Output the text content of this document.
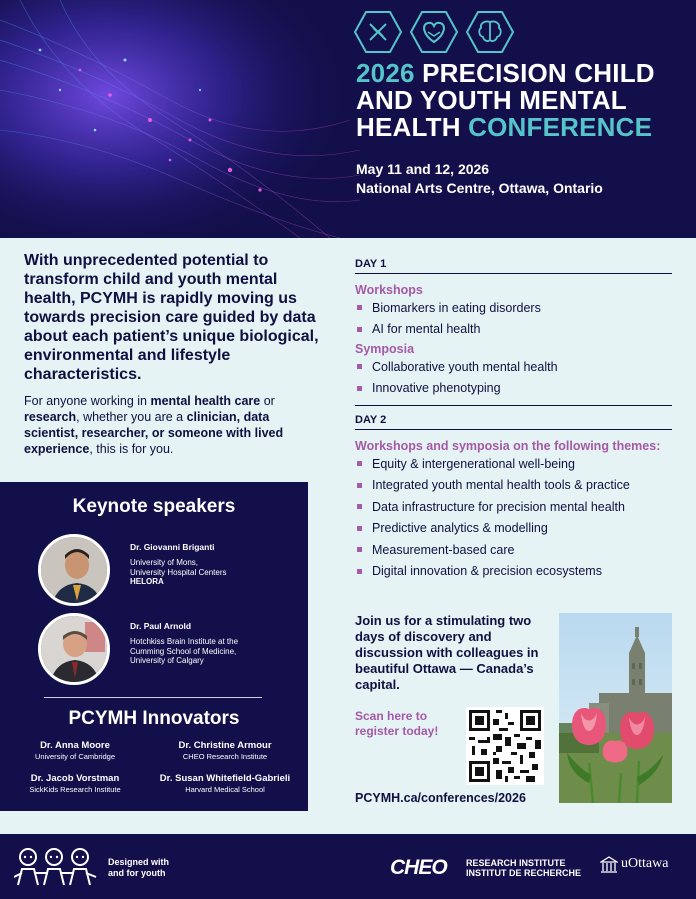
2026 PRECISION CHILD
AND YOUTH MENTAL
HEALTH CONFERENCE
May 11 and 12, 2026
National Arts Centre, Ottawa, Ontario

With unprecedented potential to transform child and youth mental health, PCYMH is rapidly moving us towards precision care guided by data about each patient’s unique biological, environmental and lifestyle characteristics.

For anyone working in mental health care or research, whether you are a clinician, data scientist, researcher, or someone with lived experience, this is for you.

DAY 1
Workshops
Biomarkers in eating disorders
AI for mental health
Symposia
Collaborative youth mental health
Innovative phenotyping
DAY 2
Workshops and symposia on the following themes:
Equity & intergenerational well-being
Integrated youth mental health tools & practice
Data infrastructure for precision mental health
Predictive analytics & modelling
Measurement-based care
Digital innovation & precision ecosystems
Keynote speakers
Dr. Giovanni Briganti
University of Mons,
University Hospital Centers
HELORA
Dr. Paul Arnold
Hotchkiss Brain Institute at the
Cumming School of Medicine,
University of Calgary
PCYMH Innovators
Dr. Anna Moore
University of Cambridge
Dr. Christine Armour
CHEO Research Institute
Dr. Jacob Vorstman
SickKids Research Institute
Dr. Susan Whitefield-Gabrieli
Harvard Medical School
Join us for a stimulating two days of discovery and discussion with colleagues in beautiful Ottawa — Canada’s capital.
Scan here to register today!
PCYMH.ca/conferences/2026
Designed with
and for youth	CHEO RESEARCH INSTITUTE
INSTITUT DE RECHERCHE
uOttawa
